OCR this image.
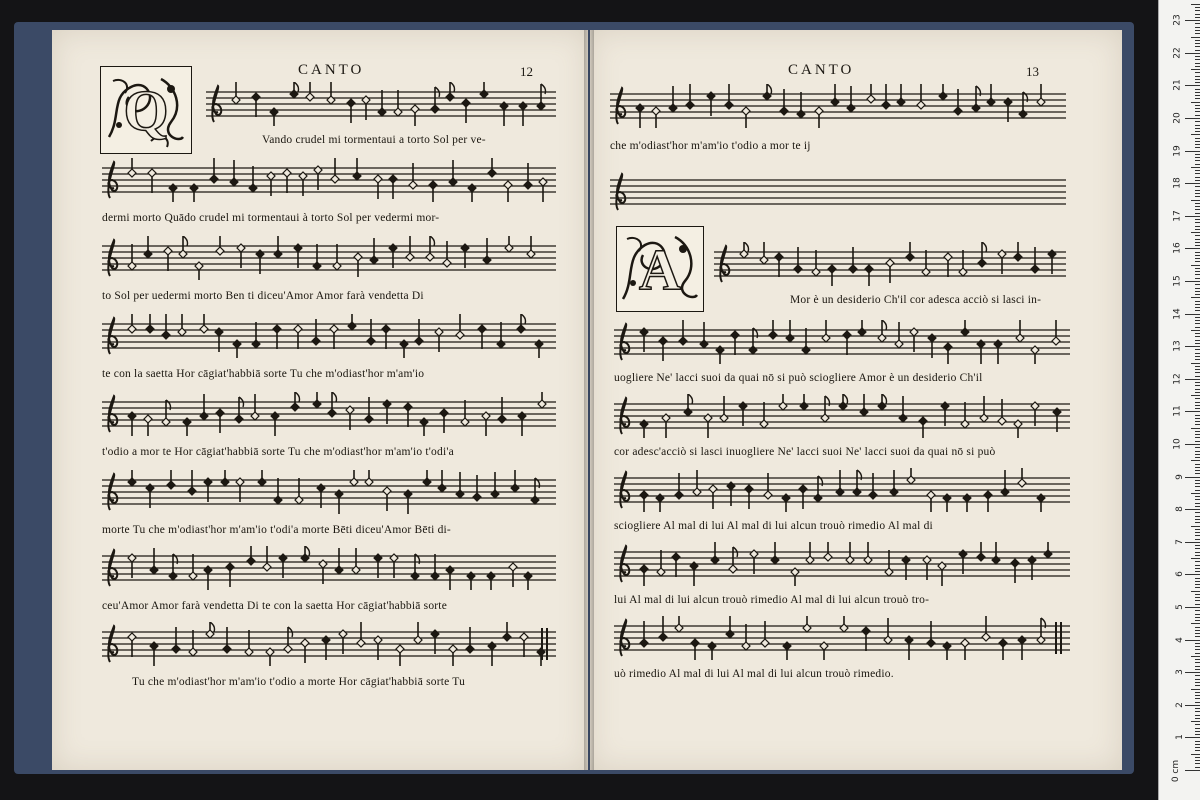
CANTO	12
Q	Vando crudel mi tormentaui a torto Sol per ve-
dermi morto Quādo crudel mi tormentaui à torto Sol per vedermi mor-
to Sol per uedermi morto Ben ti diceu'Amor Amor farà vendetta Di
te con la saetta Hor cāgiat'habbiā sorte Tu che m'odiast'hor m'am'io
t'odio a mor te Hor cāgiat'habbiā sorte Tu che m'odiast'hor m'am'io t'odi'a
morte Tu che m'odiast'hor m'am'io t'odi'a morte Bēti diceu'Amor Bēti di-
ceu'Amor Amor farà vendetta Di te con la saetta Hor cāgiat'habbiā sorte
Tu che m'odiast'hor m'am'io t'odio a morte Hor cāgiat'habbiā sorte Tu
CANTO	13
A
che m'odiast'hor m'am'io t'odio a mor te ij
Mor è un desiderio Ch'il cor adesca acciò si lasci in-
uogliere Ne' lacci suoi da quai nō si può sciogliere Amor è un desiderio Ch'il
cor adesc'acciò si lasci inuogliere Ne' lacci suoi Ne' lacci suoi da quai nō si può
sciogliere Al mal di lui Al mal di lui alcun trouò rimedio Al mal di
lui Al mal di lui alcun trouò rimedio Al mal di lui alcun trouò tro-
uò rimedio Al mal di lui Al mal di lui alcun trouò rimedio.
1
2
3
4
5
6
7
8
9
10
11
12
13
14
15
16
17
18
19
20
21
22
23
0 cm
